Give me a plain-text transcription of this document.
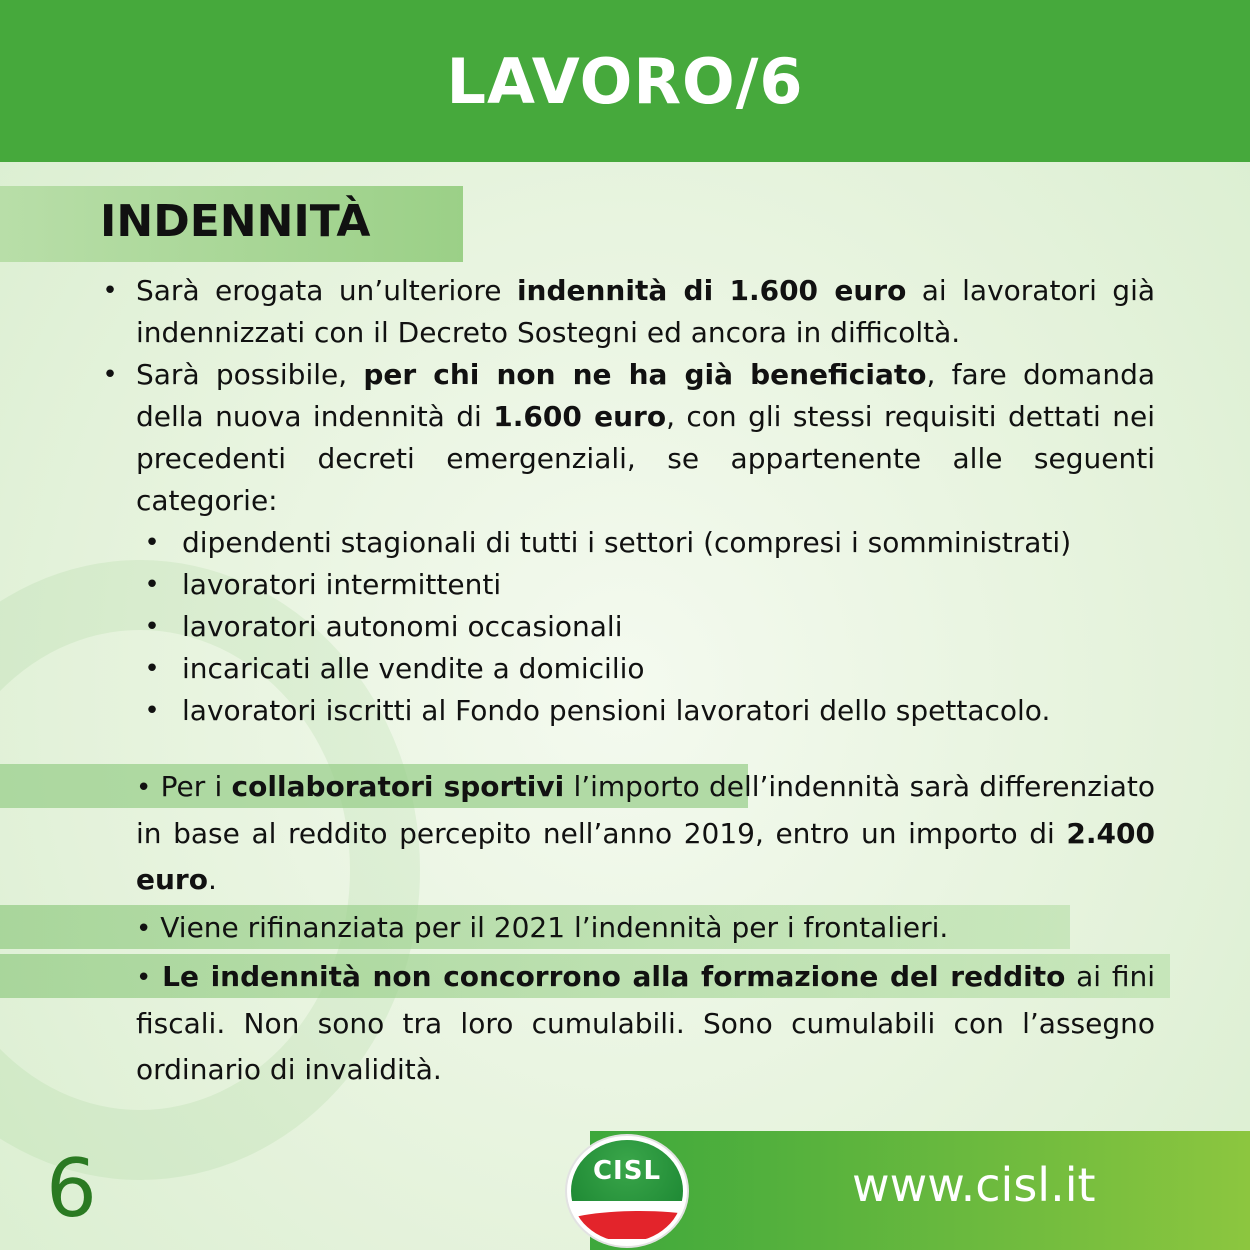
LAVORO/6
INDENNITÀ
• Sarà erogata un’ulteriore indennità di 1.600 euro ai lavoratori già indennizzati con il Decreto Sostegni ed ancora in difficoltà.
• Sarà possibile, per chi non ne ha già beneficiato, fare domanda della nuova indennità di 1.600 euro, con gli stessi requisiti dettati nei precedenti decreti emergenziali, se appartenente alle seguenti categorie:
• dipendenti stagionali di tutti i settori (compresi i somministrati)
• lavoratori intermittenti
• lavoratori autonomi occasionali
• incaricati alle vendite a domicilio
• lavoratori iscritti al Fondo pensioni lavoratori dello spettacolo.
• Per i collaboratori sportivi l’importo dell’indennità sarà differenziato in base al reddito percepito nell’anno 2019, entro un importo di 2.400 euro.
• Viene rifinanziata per il 2021 l’indennità per i frontalieri.
• Le indennità non concorrono alla formazione del reddito ai fini fiscali. Non sono tra loro cumulabili. Sono cumulabili con l’assegno ordinario di invalidità.
6	CISL	www.cisl.it
